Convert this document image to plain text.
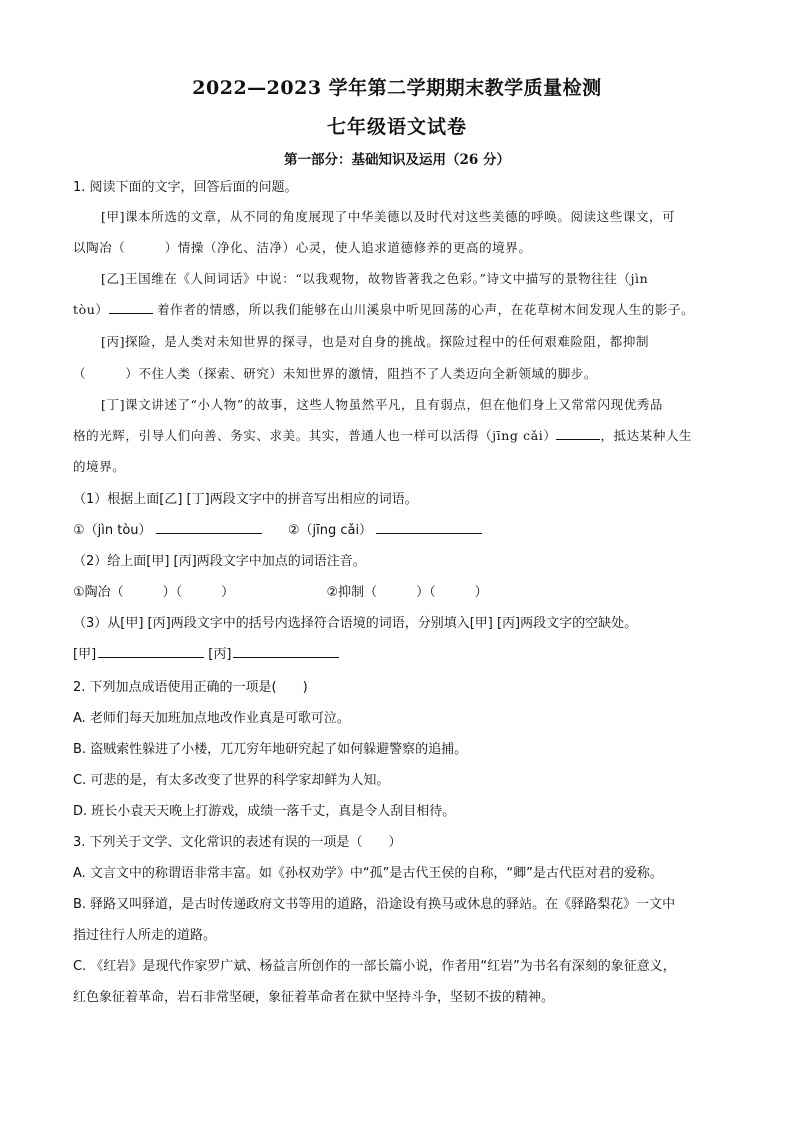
2022—2023 学年第二学期期末教学质量检测
七年级语文试卷
第一部分：基础知识及运用（26 分）
1. 阅读下面的文字，回答后面的问题。
[甲]课本所选的文章，从不同的角度展现了中华美德以及时代对这些美德的呼唤。阅读这些课文，可
以陶冶（　　　）情操（净化、洁净）心灵，使人追求道德修养的更高的境界。
[乙]王国维在《人间词话》中说：“以我观物，故物皆著我之色彩。”诗文中描写的景物往往（jìn
tòu）	着作者的情感，所以我们能够在山川溪泉中听见回荡的心声，在花草树木间发现人生的影子。
[丙]探险，是人类对未知世界的探寻，也是对自身的挑战。探险过程中的任何艰难险阻，都抑制
（　　　）不住人类（探索、研究）未知世界的激情，阻挡不了人类迈向全新领域的脚步。
[丁]课文讲述了“小人物”的故事，这些人物虽然平凡，且有弱点，但在他们身上又常常闪现优秀品
格的光辉，引导人们向善、务实、求美。其实，普通人也一样可以活得（jīng cǎi）	，抵达某种人生
的境界。
（1）根据上面[乙] [丁]两段文字中的拼音写出相应的词语。
①（jìn tòu）	②（jīng cǎi）
（2）给上面[甲] [丙]两段文字中加点的词语注音。
①陶冶（　　　）（　　　）	②抑制（　　　）（　　　）
（3）从[甲] [丙]两段文字中的括号内选择符合语境的词语，分别填入[甲] [丙]两段文字的空缺处。
[甲]	[丙]
2. 下列加点成语使用正确的一项是(　　)
A. 老师们每天加班加点地改作业真是可歌可泣。
B. 盗贼索性躲进了小楼，兀兀穷年地研究起了如何躲避警察的追捕。
C. 可悲的是，有太多改变了世界的科学家却鲜为人知。
D. 班长小袁天天晚上打游戏，成绩一落千丈，真是令人刮目相待。
3. 下列关于文学、文化常识的表述有误的一项是（　　）
A. 文言文中的称谓语非常丰富。如《孙权劝学》中“孤”是古代王侯的自称，“卿”是古代臣对君的爱称。
B. 驿路又叫驿道，是古时传递政府文书等用的道路，沿途设有换马或休息的驿站。在《驿路梨花》一文中
指过往行人所走的道路。
C. 《红岩》是现代作家罗广斌、杨益言所创作的一部长篇小说，作者用“红岩”为书名有深刻的象征意义，
红色象征着革命，岩石非常坚硬，象征着革命者在狱中坚持斗争，坚韧不拔的精神。
